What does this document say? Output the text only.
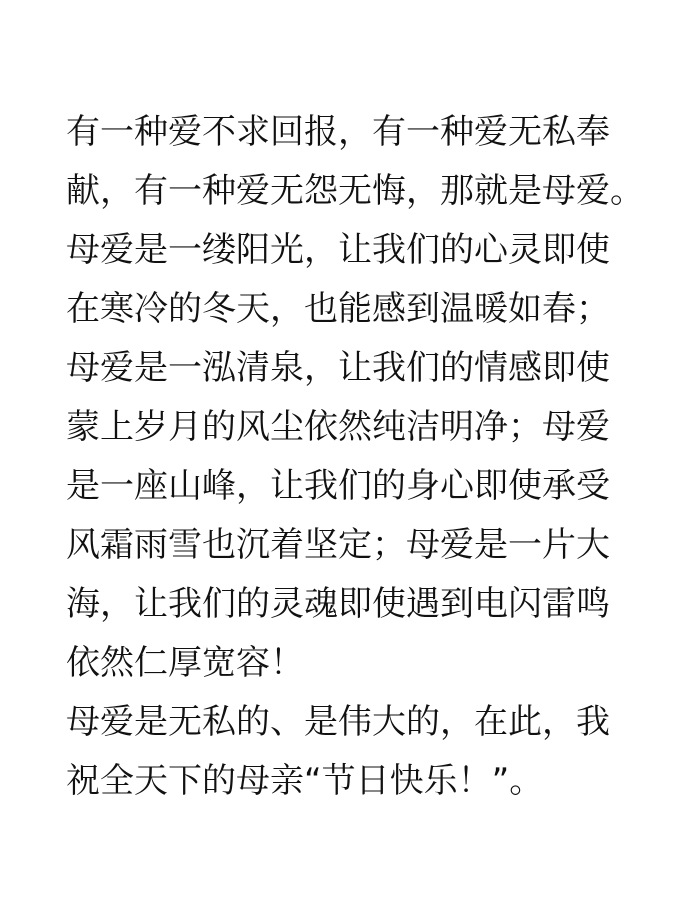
有一种爱不求回报，有一种爱无私奉
献，有一种爱无怨无悔，那就是母爱。
母爱是一缕阳光，让我们的心灵即使
在寒冷的冬天，也能感到温暖如春；
母爱是一泓清泉，让我们的情感即使
蒙上岁月的风尘依然纯洁明净；母爱
是一座山峰，让我们的身心即使承受
风霜雨雪也沉着坚定；母爱是一片大
海，让我们的灵魂即使遇到电闪雷鸣
依然仁厚宽容！
母爱是无私的、是伟大的，在此，我
祝全天下的母亲“节日快乐！”。
